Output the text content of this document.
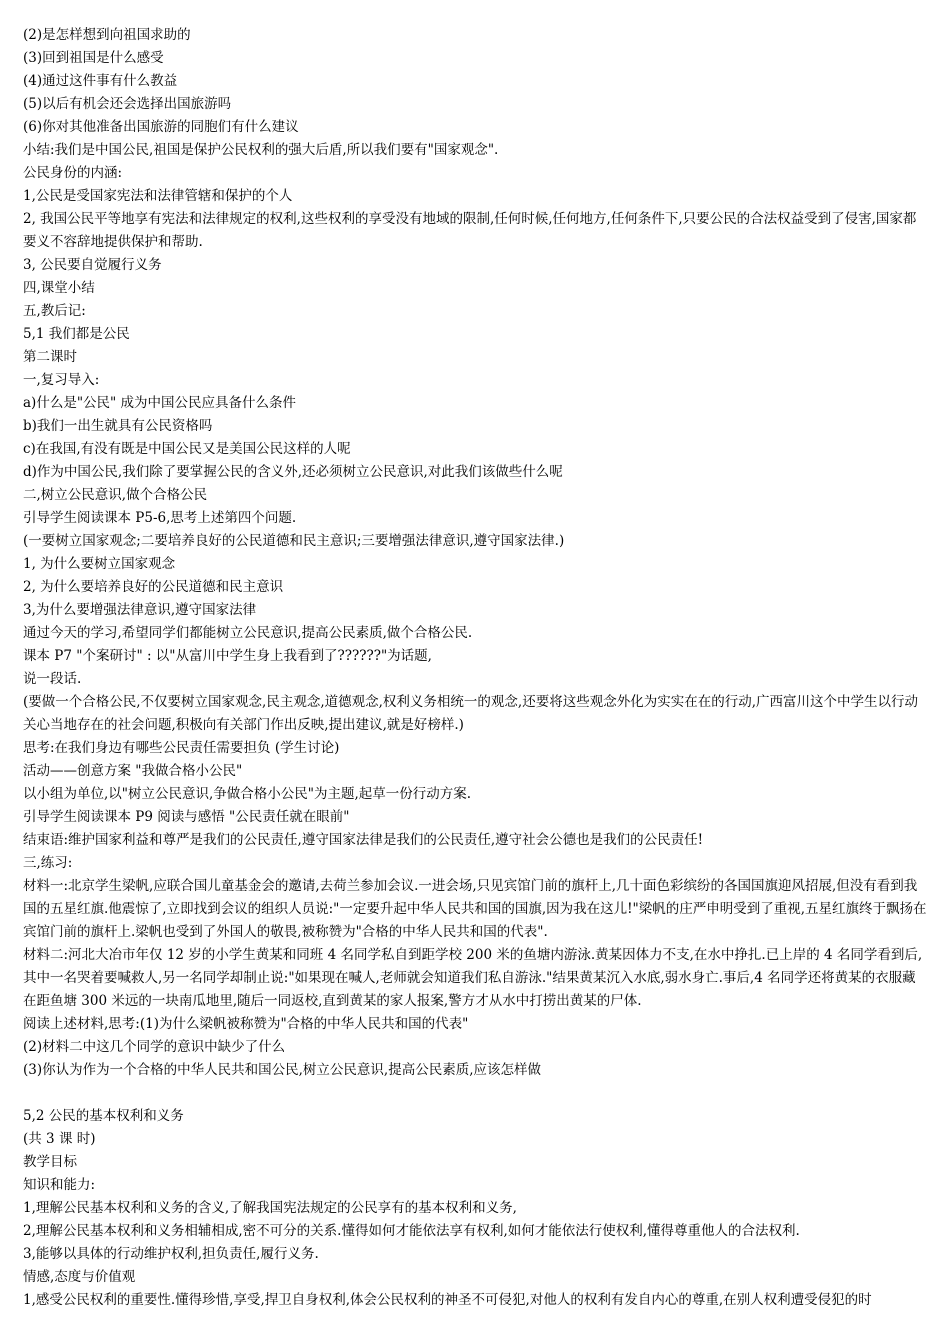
(2)是怎样想到向祖国求助的

(3)回到祖国是什么感受

(4)通过这件事有什么教益

(5)以后有机会还会选择出国旅游吗

(6)你对其他准备出国旅游的同胞们有什么建议

小结:我们是中国公民,祖国是保护公民权利的强大后盾,所以我们要有"国家观念".

公民身份的内涵:

1,公民是受国家宪法和法律管辖和保护的个人

2, 我国公民平等地享有宪法和法律规定的权利,这些权利的享受没有地域的限制,任何时候,任何地方,任何条件下,只要公民的合法权益受到了侵害,国家都要义不容辞地提供保护和帮助.

3, 公民要自觉履行义务

四,课堂小结

五,教后记:

5,1 我们都是公民

第二课时

一,复习导入:

a)什么是"公民" 成为中国公民应具备什么条件

b)我们一出生就具有公民资格吗

c)在我国,有没有既是中国公民又是美国公民这样的人呢

d)作为中国公民,我们除了要掌握公民的含义外,还必须树立公民意识,对此我们该做些什么呢

二,树立公民意识,做个合格公民

引导学生阅读课本 P5-6,思考上述第四个问题.

(一要树立国家观念;二要培养良好的公民道德和民主意识;三要增强法律意识,遵守国家法律.)

1, 为什么要树立国家观念

2, 为什么要培养良好的公民道德和民主意识

3,为什么要增强法律意识,遵守国家法律

通过今天的学习,希望同学们都能树立公民意识,提高公民素质,做个合格公民.

课本 P7 "个案研讨" : 以"从富川中学生身上我看到了??????"为话题,

说一段话.

(要做一个合格公民,不仅要树立国家观念,民主观念,道德观念,权利义务相统一的观念,还要将这些观念外化为实实在在的行动,广西富川这个中学生以行动关心当地存在的社会问题,积极向有关部门作出反映,提出建议,就是好榜样.)

思考:在我们身边有哪些公民责任需要担负 (学生讨论)

活动——创意方案 "我做合格小公民"

以小组为单位,以"树立公民意识,争做合格小公民"为主题,起草一份行动方案.

引导学生阅读课本 P9 阅读与感悟 "公民责任就在眼前"

结束语:维护国家利益和尊严是我们的公民责任,遵守国家法律是我们的公民责任,遵守社会公德也是我们的公民责任!

三,练习:

材料一:北京学生梁帆,应联合国儿童基金会的邀请,去荷兰参加会议.一进会场,只见宾馆门前的旗杆上,几十面色彩缤纷的各国国旗迎风招展,但没有看到我国的五星红旗.他震惊了,立即找到会议的组织人员说:"一定要升起中华人民共和国的国旗,因为我在这儿!"梁帆的庄严申明受到了重视,五星红旗终于飘扬在宾馆门前的旗杆上.梁帆也受到了外国人的敬畏,被称赞为"合格的中华人民共和国的代表".

材料二:河北大冶市年仅 12 岁的小学生黄某和同班 4 名同学私自到距学校 200 米的鱼塘内游泳.黄某因体力不支,在水中挣扎.已上岸的 4 名同学看到后,其中一名哭着要喊救人,另一名同学却制止说:"如果现在喊人,老师就会知道我们私自游泳."结果黄某沉入水底,弱水身亡.事后,4 名同学还将黄某的衣服藏在距鱼塘 300 米远的一块南瓜地里,随后一同返校,直到黄某的家人报案,警方才从水中打捞出黄某的尸体.

阅读上述材料,思考:(1)为什么梁帆被称赞为"合格的中华人民共和国的代表"

(2)材料二中这几个同学的意识中缺少了什么

(3)你认为作为一个合格的中华人民共和国公民,树立公民意识,提高公民素质,应该怎样做

5,2 公民的基本权利和义务

(共 3 课 时)

教学目标

知识和能力:

1,理解公民基本权利和义务的含义,了解我国宪法规定的公民享有的基本权利和义务,

2,理解公民基本权利和义务相辅相成,密不可分的关系.懂得如何才能依法享有权利,如何才能依法行使权利,懂得尊重他人的合法权利.

3,能够以具体的行动维护权利,担负责任,履行义务.

情感,态度与价值观

1,感受公民权利的重要性.懂得珍惜,享受,捍卫自身权利,体会公民权利的神圣不可侵犯,对他人的权利有发自内心的尊重,在别人权利遭受侵犯的时
